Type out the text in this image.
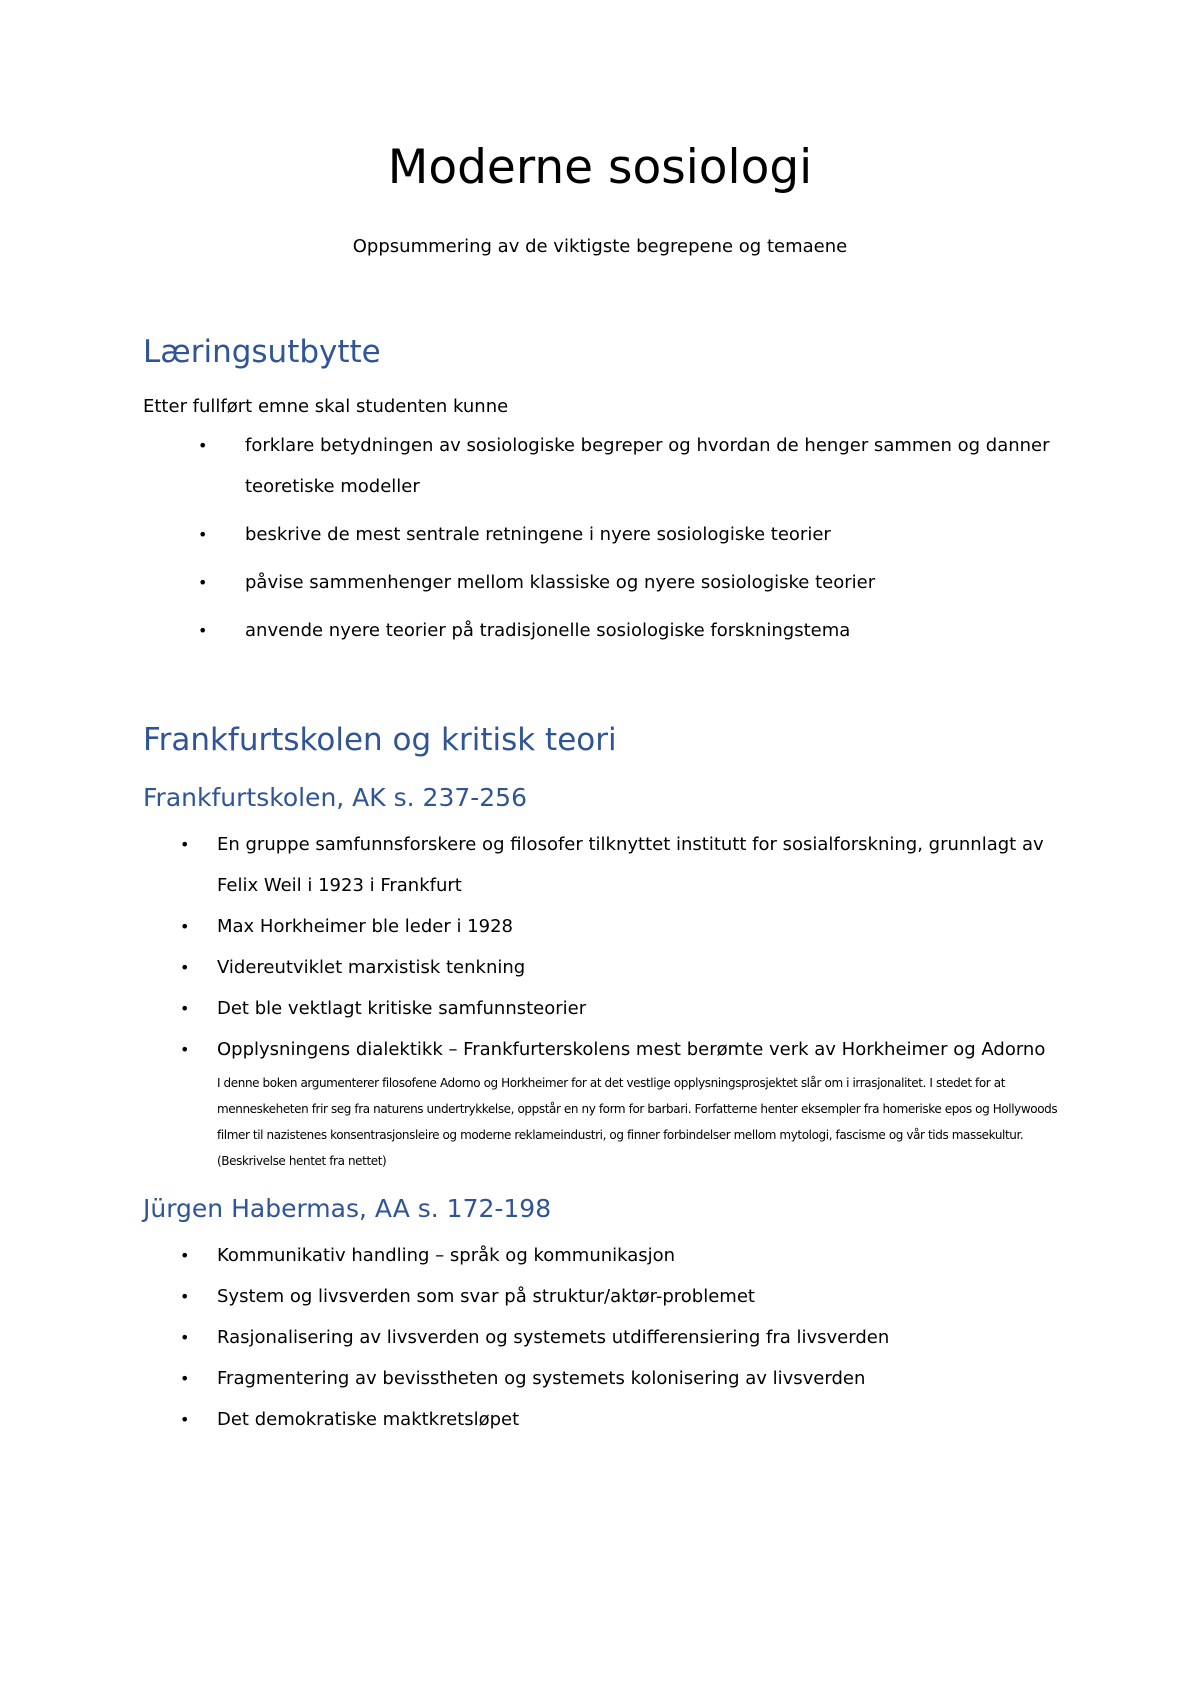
Moderne sosiologi

Oppsummering av de viktigste begrepene og temaene

Læringsutbytte

Etter fullført emne skal studenten kunne

• forklare betydningen av sosiologiske begreper og hvordan de henger sammen og danner teoretiske modeller
• beskrive de mest sentrale retningene i nyere sosiologiske teorier
• påvise sammenhenger mellom klassiske og nyere sosiologiske teorier
• anvende nyere teorier på tradisjonelle sosiologiske forskningstema
Frankfurtskolen og kritisk teori
Frankfurtskolen, AK s. 237-256
• En gruppe samfunnsforskere og filosofer tilknyttet institutt for sosialforskning, grunnlagt av Felix Weil i 1923 i Frankfurt
• Max Horkheimer ble leder i 1928
• Videreutviklet marxistisk tenkning
• Det ble vektlagt kritiske samfunnsteorier
• Opplysningens dialektikk – Frankfurterskolens mest berømte verk av Horkheimer og Adorno
I denne boken argumenterer filosofene Adorno og Horkheimer for at det vestlige opplysningsprosjektet slår om i irrasjonalitet. I stedet for at menneskeheten frir seg fra naturens undertrykkelse, oppstår en ny form for barbari. Forfatterne henter eksempler fra homeriske epos og Hollywoods filmer til nazistenes konsentrasjonsleire og moderne reklameindustri, og finner forbindelser mellom mytologi, fascisme og vår tids massekultur. (Beskrivelse hentet fra nettet)
Jürgen Habermas, AA s. 172-198
• Kommunikativ handling – språk og kommunikasjon
• System og livsverden som svar på struktur/aktør-problemet
• Rasjonalisering av livsverden og systemets utdifferensiering fra livsverden
• Fragmentering av bevisstheten og systemets kolonisering av livsverden
• Det demokratiske maktkretsløpet
